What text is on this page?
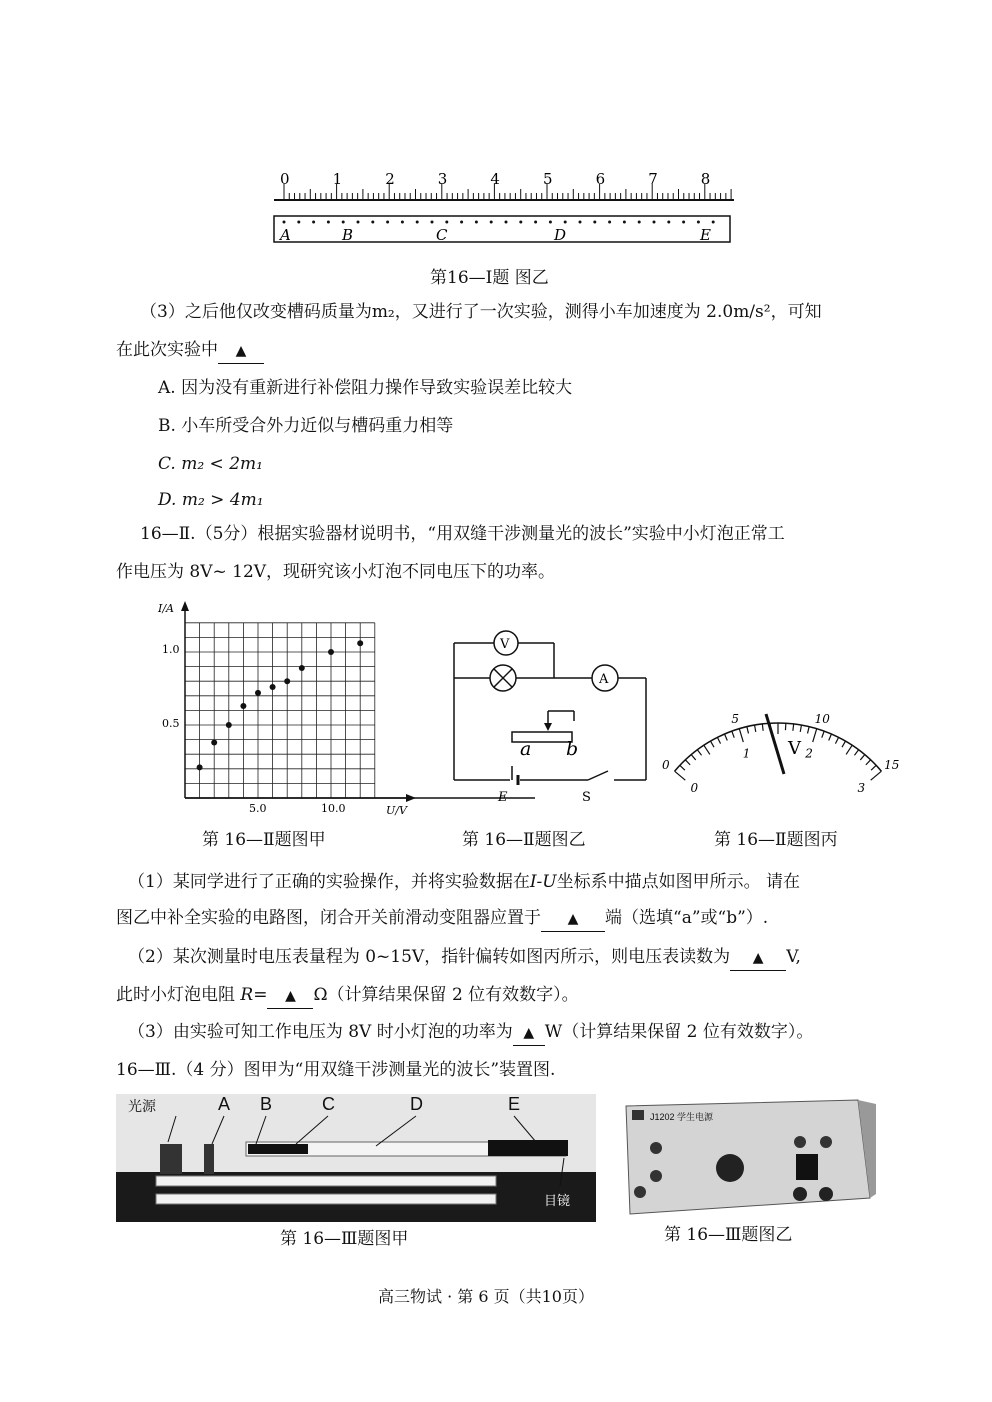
0	1	2	3	4	5	6	7	8
A	B	C	D	E
第16—Ⅰ题 图乙
（3）之后他仅改变槽码质量为m₂，又进行了一次实验，测得小车加速度为 2.0m/s²，可知
在此次实验中 ▲
A. 因为没有重新进行补偿阻力操作导致实验误差比较大
B. 小车所受合外力近似与槽码重力相等
C. m₂ < 2m₁
D. m₂ > 4m₁
16—Ⅱ.（5分）根据实验器材说明书，“用双缝干涉测量光的波长”实验中小灯泡正常工
作电压为 8V~ 12V，现研究该小灯泡不同电压下的功率。
I/A
U/V
1.0
0.5
5.0	10.0
第 16—Ⅱ题图甲
V
A
a b
E	S
第 16—Ⅱ题图乙
0
5	10
15
0
1	2
3
V
第 16—Ⅱ题图丙
（1）某同学进行了正确的实验操作，并将实验数据在I-U坐标系中描点如图甲所示。 请在
图乙中补全实验的电路图，闭合开关前滑动变阻器应置于 ▲ 端（选填“a”或“b”）.
（2）某次测量时电压表量程为 0~15V，指针偏转如图丙所示，则电压表读数为 ▲ V,
此时小灯泡电阻 R= ▲ Ω（计算结果保留 2 位有效数字）。
（3）由实验可知工作电压为 8V 时小灯泡的功率为 ▲ W（计算结果保留 2 位有效数字）。
16—Ⅲ.（4 分）图甲为“用双缝干涉测量光的波长”装置图.
光源	A B	C	D	E
目镜
第 16—Ⅲ题图甲
J1202 学生电源
第 16—Ⅲ题图乙
高三物试 · 第 6 页（共10页）
